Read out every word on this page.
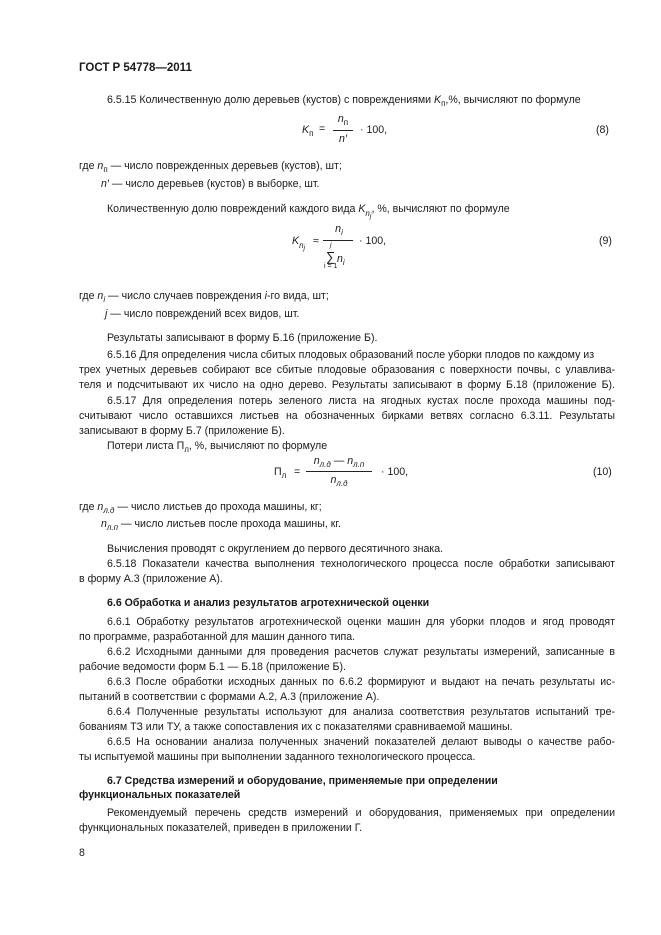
ГОСТ Р 54778—2011
6.5.15 Количественную долю деревьев (кустов) с повреждениями $K_п,\%$, вычисляют по формуле
$K_п$ =
$n_п$
n′
· 100,	(8)
где $n_п$ — число поврежденных деревьев (кустов), шт;
n′ — число деревьев (кустов) в выборке, шт.
Количественную долю повреждений каждого вида $K_{nj}$, %, вычисляют по формуле
$K_{nj}$
≈
$n_i$
j
∑ $n_i$
i = 1
· 100,	(9)
где $n_i$ — число случаев повреждения i-го вида, шт;
j — число повреждений всех видов, шт.
Результаты записывают в форму Б.16 (приложение Б).
6.5.16 Для определения числа сбитых плодовых образований после уборки плодов по каждому из
трех учетных деревьев собирают все сбитые плодовые образования с поверхности почвы, с улавлива-
теля и подсчитывают их число на одно дерево. Результаты записывают в форму Б.18 (приложение Б).
6.5.17 Для определения потерь зеленого листа на ягодных кустах после прохода машины под-
считывают число оставшихся листьев на обозначенных бирками ветвях согласно 6.3.11. Результаты
записывают в форму Б.7 (приложение Б).
Потери листа $П_л$, %, вычисляют по формуле
$П_л$ =
$n_{л.д}$ — $n_{л.п}$
$n_{л.д}$
· 100,	(10)
где $n_{л.д}$ — число листьев до прохода машины, кг;
$n_{л.п}$ — число листьев после прохода машины, кг.
Вычисления проводят с округлением до первого десятичного знака.
6.5.18 Показатели качества выполнения технологического процесса после обработки записывают
в форму А.3 (приложение А).
6.6 Обработка и анализ результатов агротехнической оценки
6.6.1 Обработку результатов агротехнической оценки машин для уборки плодов и ягод проводят
по программе, разработанной для машин данного типа.
6.6.2 Исходными данными для проведения расчетов служат результаты измерений, записанные в
рабочие ведомости форм Б.1 — Б.18 (приложение Б).
6.6.3 После обработки исходных данных по 6.6.2 формируют и выдают на печать результаты ис-
пытаний в соответствии с формами А.2, А.3 (приложение А).
6.6.4 Полученные результаты используют для анализа соответствия результатов испытаний тре-
бованиям ТЗ или ТУ, а также сопоставления их с показателями сравниваемой машины.
6.6.5 На основании анализа полученных значений показателей делают выводы о качестве рабо-
ты испытуемой машины при выполнении заданного технологического процесса.
6.7 Средства измерений и оборудование, применяемые при определении
функциональных показателей
Рекомендуемый перечень средств измерений и оборудования, применяемых при определении
функциональных показателей, приведен в приложении Г.
8
